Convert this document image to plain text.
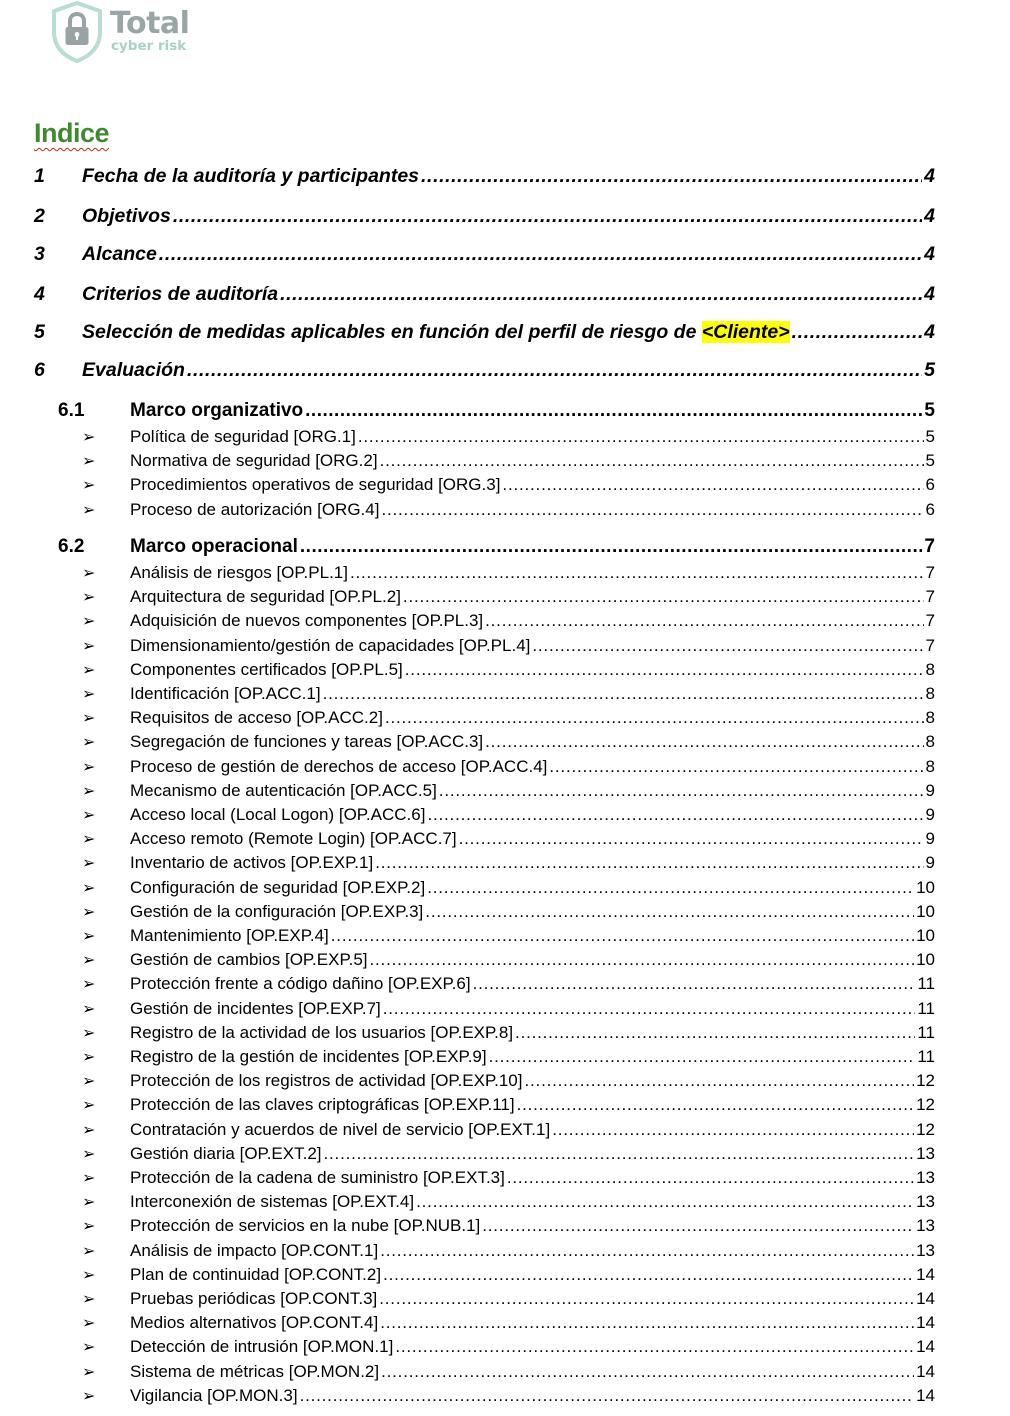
Total
cyber risk
Indice
1	Fecha de la auditoría y participantes .....	4
2	Objetivos .....	4
3	Alcance .....	4
4	Criterios de auditoría .....	4
5	Selección de medidas aplicables en función del perfil de riesgo de <Cliente> .....	4
6	Evaluación .....	5
6.1	Marco organizativo .....	5
➢	Política de seguridad [ORG.1] .....	5
➢	Normativa de seguridad [ORG.2] .....	5
➢	Procedimientos operativos de seguridad [ORG.3] .....	6
➢	Proceso de autorización [ORG.4] .....	6
6.2	Marco operacional .....	7
➢	Análisis de riesgos [OP.PL.1] .....	7
➢	Arquitectura de seguridad [OP.PL.2] .....	7
➢	Adquisición de nuevos componentes [OP.PL.3] .....	7
➢	Dimensionamiento/gestión de capacidades [OP.PL.4] .....	7
➢	Componentes certificados [OP.PL.5] .....	8
➢	Identificación [OP.ACC.1] .....	8
➢	Requisitos de acceso [OP.ACC.2] .....	8
➢	Segregación de funciones y tareas [OP.ACC.3] .....	8
➢	Proceso de gestión de derechos de acceso [OP.ACC.4] .....	8
➢	Mecanismo de autenticación [OP.ACC.5] .....	9
➢	Acceso local (Local Logon) [OP.ACC.6] .....	9
➢	Acceso remoto (Remote Login) [OP.ACC.7] .....	9
➢	Inventario de activos [OP.EXP.1] .....	9
➢	Configuración de seguridad [OP.EXP.2] .....	10
➢	Gestión de la configuración [OP.EXP.3] .....	10
➢	Mantenimiento [OP.EXP.4] .....	10
➢	Gestión de cambios [OP.EXP.5] .....	10
➢	Protección frente a código dañino [OP.EXP.6] .....	11
➢	Gestión de incidentes [OP.EXP.7] .....	11
➢	Registro de la actividad de los usuarios [OP.EXP.8] .....	11
➢	Registro de la gestión de incidentes [OP.EXP.9] .....	11
➢	Protección de los registros de actividad [OP.EXP.10] .....	12
➢	Protección de las claves criptográficas [OP.EXP.11] .....	12
➢	Contratación y acuerdos de nivel de servicio [OP.EXT.1] .....	12
➢	Gestión diaria [OP.EXT.2] .....	13
➢	Protección de la cadena de suministro [OP.EXT.3] .....	13
➢	Interconexión de sistemas [OP.EXT.4] .....	13
➢	Protección de servicios en la nube [OP.NUB.1] .....	13
➢	Análisis de impacto [OP.CONT.1] .....	13
➢	Plan de continuidad [OP.CONT.2] .....	14
➢	Pruebas periódicas [OP.CONT.3] .....	14
➢	Medios alternativos [OP.CONT.4] .....	14
➢	Detección de intrusión [OP.MON.1] .....	14
➢	Sistema de métricas [OP.MON.2] .....	14
➢	Vigilancia [OP.MON.3] .....	14
